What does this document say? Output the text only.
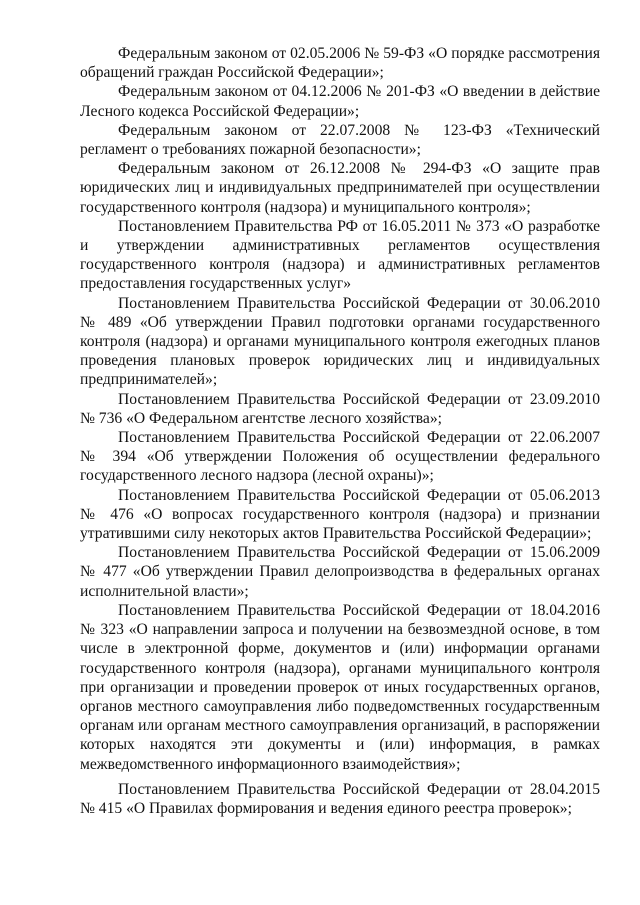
Федеральным законом от 02.05.2006 № 59-ФЗ «О порядке рассмотрения обращений граждан Российской Федерации»;

Федеральным законом от 04.12.2006 № 201-ФЗ «О введении в действие Лесного кодекса Российской Федерации»;

Федеральным законом от 22.07.2008 № 123-ФЗ «Технический регламент о требованиях пожарной безопасности»;

Федеральным законом от 26.12.2008 № 294-ФЗ «О защите прав юридических лиц и индивидуальных предпринимателей при осуществлении государственного контроля (надзора) и муниципального контроля»;

Постановлением Правительства РФ от 16.05.2011 № 373 «О разработке и утверждении административных регламентов осуществления государственного контроля (надзора) и административных регламентов предоставления государственных услуг»

Постановлением Правительства Российской Федерации от 30.06.2010 № 489 «Об утверждении Правил подготовки органами государственного контроля (надзора) и органами муниципального контроля ежегодных планов проведения плановых проверок юридических лиц и индивидуальных предпринимателей»;

Постановлением Правительства Российской Федерации от 23.09.2010 № 736 «О Федеральном агентстве лесного хозяйства»;

Постановлением Правительства Российской Федерации от 22.06.2007 № 394 «Об утверждении Положения об осуществлении федерального государственного лесного надзора (лесной охраны)»;

Постановлением Правительства Российской Федерации от 05.06.2013 № 476 «О вопросах государственного контроля (надзора) и признании утратившими силу некоторых актов Правительства Российской Федерации»;

Постановлением Правительства Российской Федерации от 15.06.2009 № 477 «Об утверждении Правил делопроизводства в федеральных органах исполнительной власти»;

Постановлением Правительства Российской Федерации от 18.04.2016 № 323 «О направлении запроса и получении на безвозмездной основе, в том числе в электронной форме, документов и (или) информации органами государственного контроля (надзора), органами муниципального контроля при организации и проведении проверок от иных государственных органов, органов местного самоуправления либо подведомственных государственным органам или органам местного самоуправления организаций, в распоряжении которых находятся эти документы и (или) информация, в рамках межведомственного информационного взаимодействия»;

Постановлением Правительства Российской Федерации от 28.04.2015 № 415 «О Правилах формирования и ведения единого реестра проверок»;
